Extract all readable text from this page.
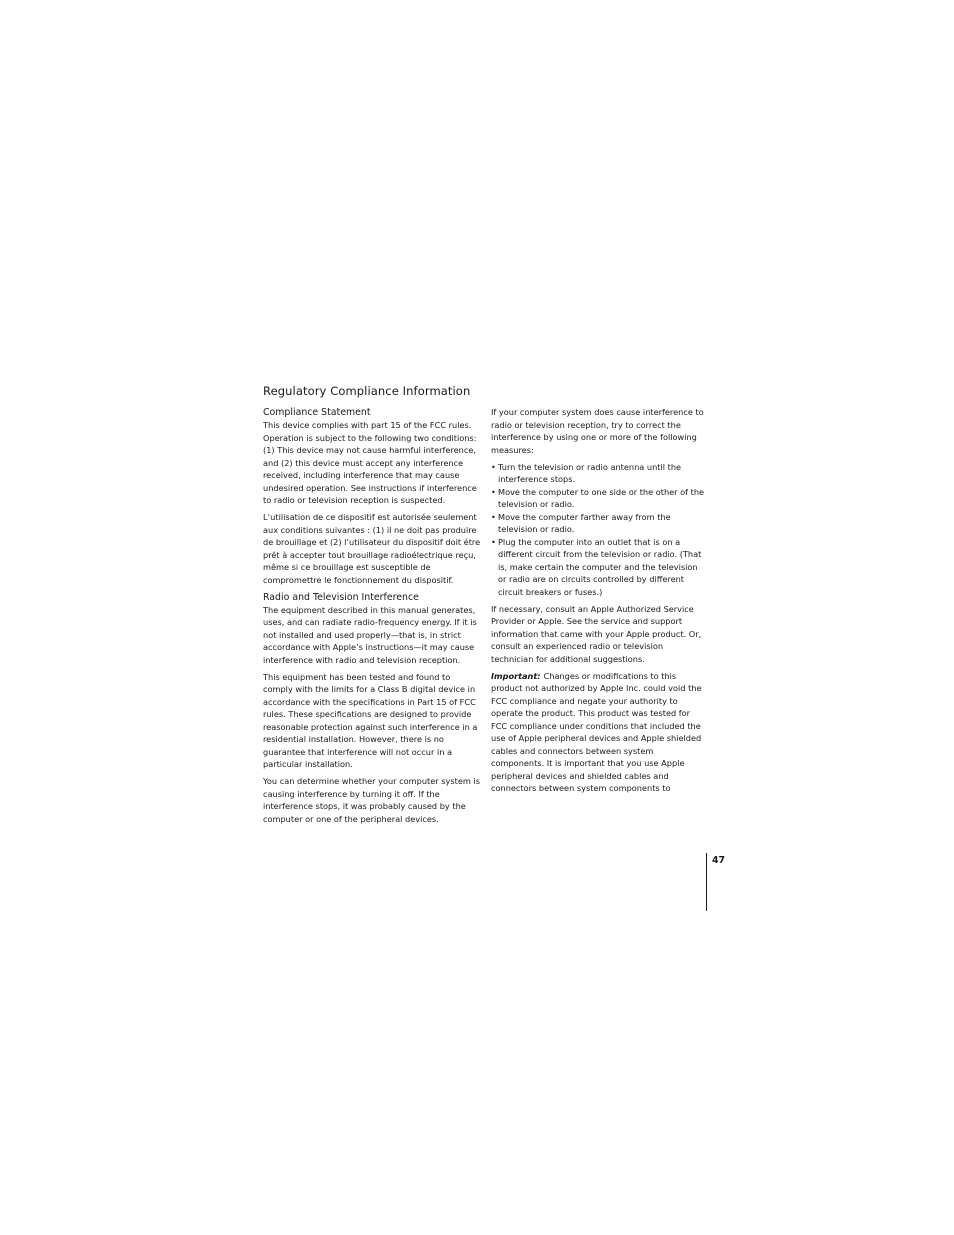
Regulatory Compliance Information
Compliance Statement

This device complies with part 15 of the FCC rules. Operation is subject to the following two conditions: (1) This device may not cause harmful interference, and (2) this device must accept any interference received, including interference that may cause undesired operation. See instructions if interference to radio or television reception is suspected.

L’utilisation de ce dispositif est autorisée seulement aux conditions suivantes : (1) il ne doit pas produire de brouillage et (2) l’utilisateur du dispositif doit étre prêt à accepter tout brouillage radioélectrique reçu, même si ce brouillage est susceptible de compromettre le fonctionnement du dispositif.

Radio and Television Interference

The equipment described in this manual generates, uses, and can radiate radio-frequency energy. If it is not installed and used properly—that is, in strict accordance with Apple’s instructions—it may cause interference with radio and television reception.

This equipment has been tested and found to comply with the limits for a Class B digital device in accordance with the specifications in Part 15 of FCC rules. These specifications are designed to provide reasonable protection against such interference in a residential installation. However, there is no guarantee that interference will not occur in a particular installation.

You can determine whether your computer system is causing interference by turning it off. If the interference stops, it was probably caused by the computer or one of the peripheral devices.

If your computer system does cause interference to radio or television reception, try to correct the interference by using one or more of the following measures:

• Turn the television or radio antenna until the interference stops.
• Move the computer to one side or the other of the television or radio.
• Move the computer farther away from the television or radio.
• Plug the computer into an outlet that is on a different circuit from the television or radio. (That is, make certain the computer and the television or radio are on circuits controlled by different circuit breakers or fuses.)

If necessary, consult an Apple Authorized Service Provider or Apple. See the service and support information that came with your Apple product. Or, consult an experienced radio or television technician for additional suggestions.

Important: Changes or modifications to this product not authorized by Apple Inc. could void the FCC compliance and negate your authority to operate the product. This product was tested for FCC compliance under conditions that included the use of Apple peripheral devices and Apple shielded cables and connectors between system components. It is important that you use Apple peripheral devices and shielded cables and connectors between system components to

47
